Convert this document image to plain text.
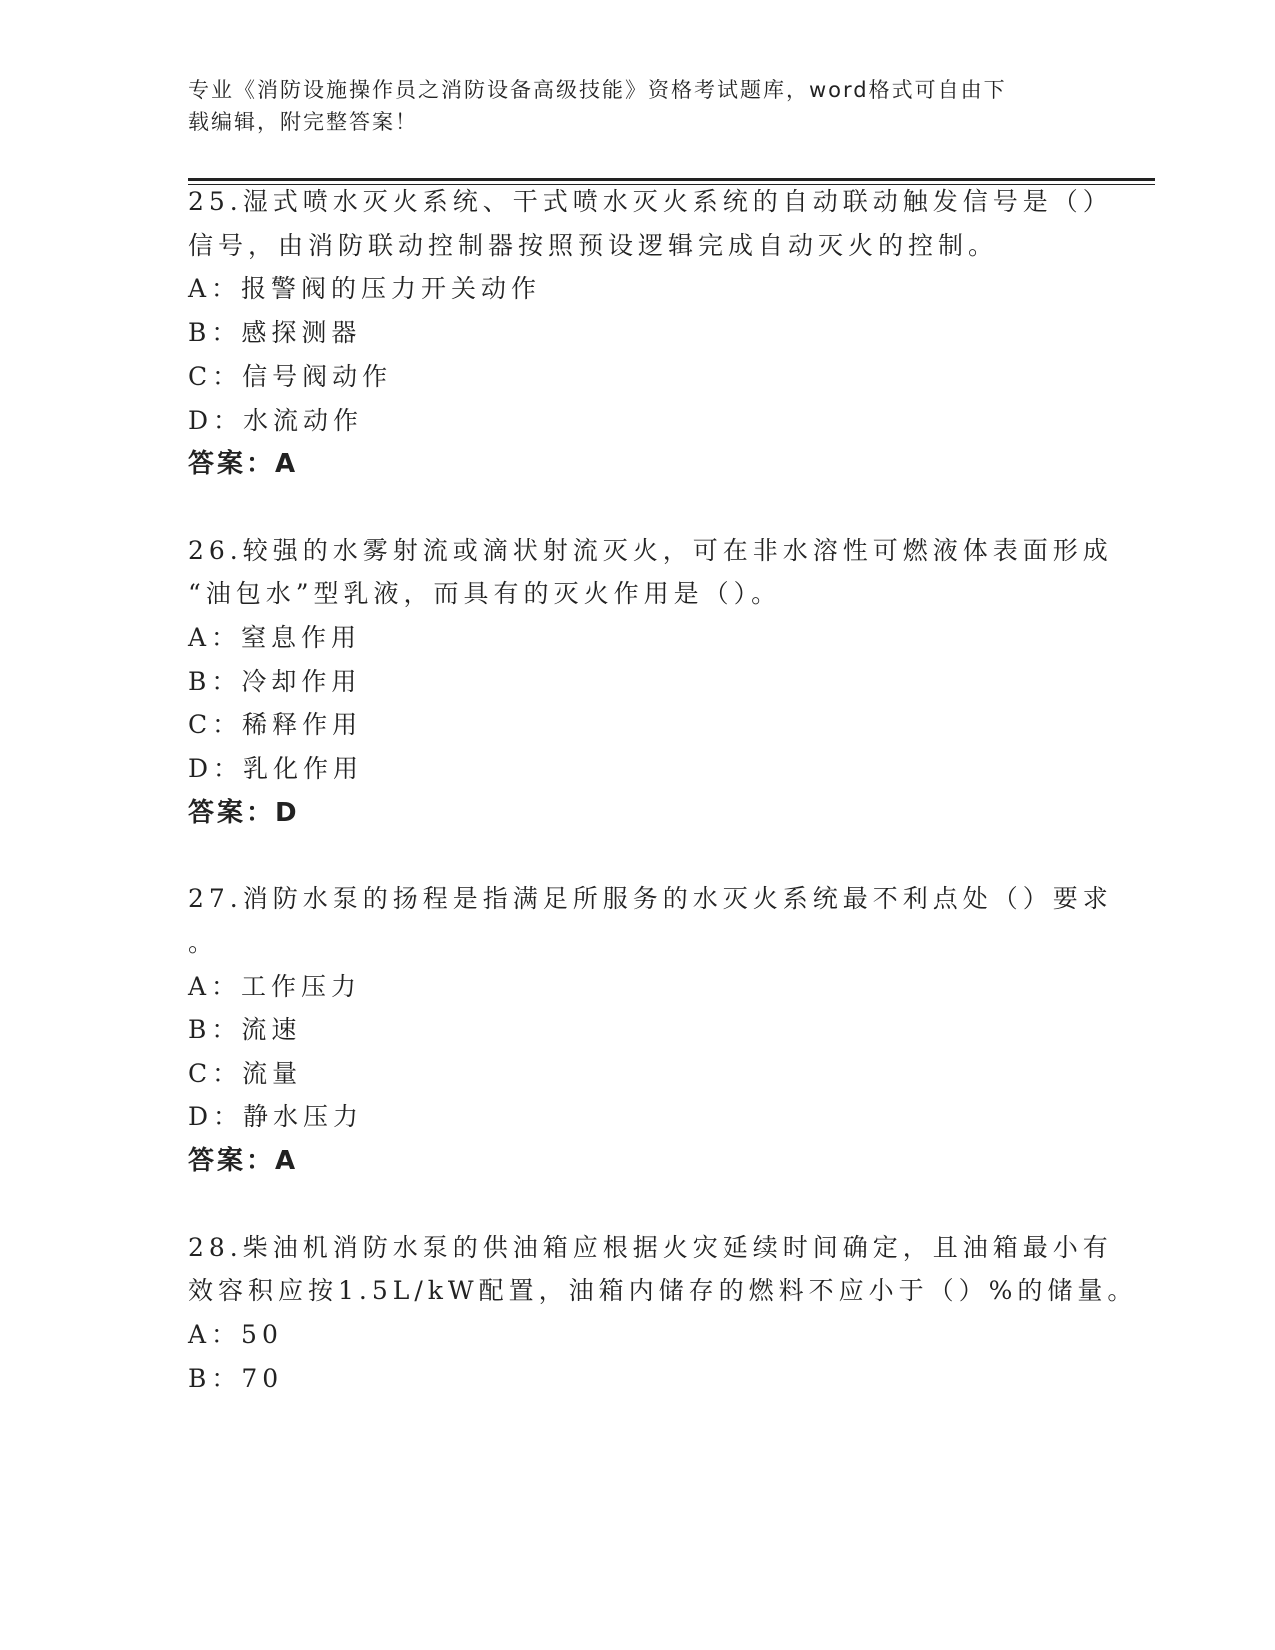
专业《消防设施操作员之消防设备高级技能》资格考试题库，word格式可自由下
载编辑，附完整答案！
25.湿式喷水灭火系统、干式喷水灭火系统的自动联动触发信号是（）
信号，由消防联动控制器按照预设逻辑完成自动灭火的控制。
A：报警阀的压力开关动作
B：感探测器
C：信号阀动作
D：水流动作
答案：A
26.较强的水雾射流或滴状射流灭火，可在非水溶性可燃液体表面形成
“油包水”型乳液，而具有的灭火作用是（）。
A：窒息作用
B：冷却作用
C：稀释作用
D：乳化作用
答案：D
27.消防水泵的扬程是指满足所服务的水灭火系统最不利点处（）要求
。
A：工作压力
B：流速
C：流量
D：静水压力
答案：A
28.柴油机消防水泵的供油箱应根据火灾延续时间确定，且油箱最小有
效容积应按1.5L/kW配置，油箱内储存的燃料不应小于（）%的储量。
A：50
B：70
